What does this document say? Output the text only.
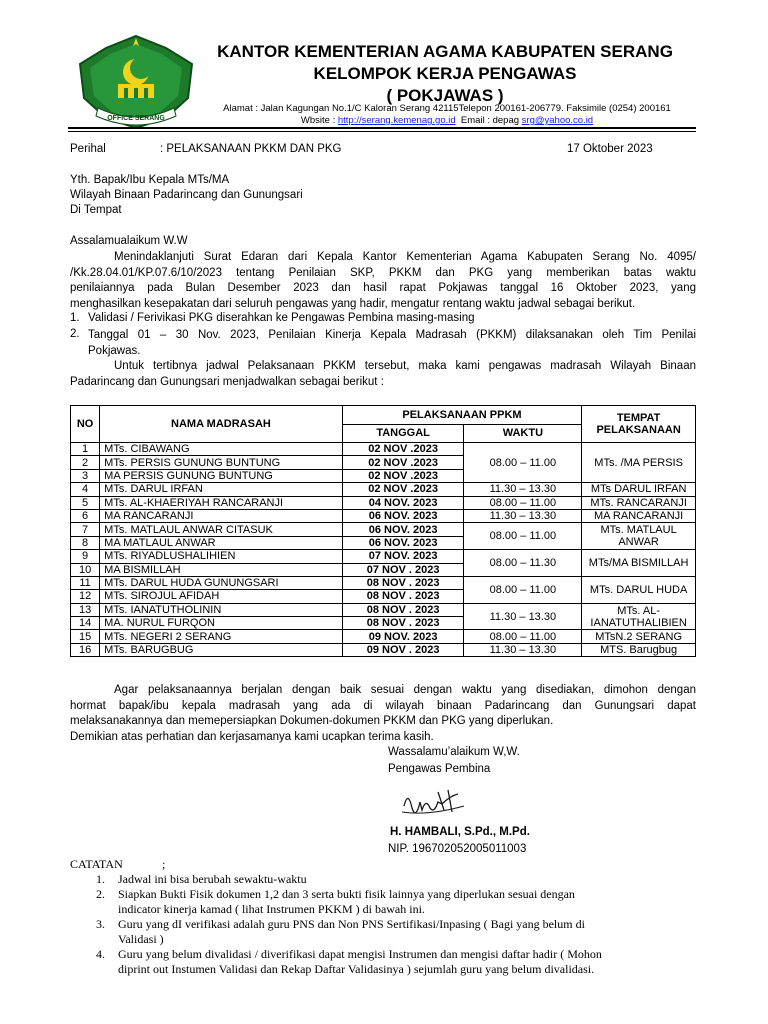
OFFICE SERANG
KANTOR KEMENTERIAN AGAMA KABUPATEN SERANG
KELOMPOK KERJA PENGAWAS
( POKJAWAS )
Alamat : Jalan Kagungan No.1/C Kaloran Serang 42115Telepon 200161-206779. Faksimile (0254) 200161
Wbsite : http://serang.kemenag.go.id Email : depag srg@yahoo.co.id
Perihal	: PELAKSANAAN PKKM DAN PKG	17 Oktober 2023
Yth. Bapak/Ibu Kepala MTs/MA
Wilayah Binaan Padarincang dan Gunungsari
Di Tempat
Assalamualaikum W.W
Menindaklanjuti Surat Edaran dari Kepala Kantor Kementerian Agama Kabupaten Serang No. 4095/
/Kk.28.04.01/KP.07.6/10/2023 tentang Penilaian SKP, PKKM dan PKG yang memberikan batas waktu
penilaiannya pada Bulan Desember 2023 dan hasil rapat Pokjawas tanggal 16 Oktober 2023, yang
menghasilkan kesepakatan dari seluruh pengawas yang hadir, mengatur rentang waktu jadwal sebagai berikut.
1. Validasi / Ferivikasi PKG diserahkan ke Pengawas Pembina masing-masing
2. Tanggal 01 – 30 Nov. 2023, Penilaian Kinerja Kepala Madrasah (PKKM) dilaksanakan oleh Tim Penilai
Pokjawas.
Untuk tertibnya jadwal Pelaksanaan PKKM tersebut, maka kami pengawas madrasah Wilayah Binaan
Padarincang dan Gunungsari menjadwalkan sebagai berikut :
NO	NAMA MADRASAH	PELAKSANAAN PPKM		TEMPAT PELAKSANAAN
		TANGGAL	WAKTU	
1	MTs. CIBAWANG	02 NOV .2023	08.00 – 11.00	MTs. /MA PERSIS
2	MTs. PERSIS GUNUNG BUNTUNG	02 NOV .2023		
3	MA PERSIS GUNUNG BUNTUNG	02 NOV .2023		
4	MTs. DARUL IRFAN	02 NOV .2023	11.30 – 13.30	MTs DARUL IRFAN
5	MTs. AL-KHAERIYAH RANCARANJI	04 NOV. 2023	08.00 – 11.00	MTs. RANCARANJI
6	MA RANCARANJI	06 NOV. 2023	11.30 – 13.30	MA RANCARANJI
7	MTs. MATLAUL ANWAR CITASUK	06 NOV. 2023	08.00 – 11.00	MTs. MATLAUL ANWAR
8	MA MATLAUL ANWAR	06 NOV. 2023		
9	MTs. RIYADLUSHALIHIEN	07 NOV. 2023	08.00 – 11.30	MTs/MA BISMILLAH
10	MA BISMILLAH	07 NOV . 2023		
11	MTs. DARUL HUDA GUNUNGSARI	08 NOV . 2023	08.00 – 11.00	MTs. DARUL HUDA
12	MTs. SIROJUL AFIDAH	08 NOV . 2023		
13	MTs. IANATUTHOLININ	08 NOV . 2023	11.30 – 13.30	MTs. AL-IANATUTHALIBIEN
14	MA. NURUL FURQON	08 NOV . 2023		
15	MTs. NEGERI 2 SERANG	09 NOV. 2023	08.00 – 11.00	MTsN.2 SERANG
16	MTs. BARUGBUG	09 NOV . 2023	11.30 – 13.30	MTS. Barugbug
Agar pelaksanaannya berjalan dengan baik sesuai dengan waktu yang disediakan, dimohon dengan
hormat bapak/ibu kepala madrasah yang ada di wilayah binaan Padarincang dan Gunungsari dapat
melaksanakannya dan memepersiapkan Dokumen-dokumen PKKM dan PKG yang diperlukan.
Demikian atas perhatian dan kerjasamanya kami ucapkan terima kasih.
Wassalamu’alaikum W,W.
Pengawas Pembina
H. HAMBALI, S.Pd., M.Pd.
NIP. 196702052005011003
CATATAN	;
1. Jadwal ini bisa berubah sewaktu-waktu
2. Siapkan Bukti Fisik dokumen 1,2 dan 3 serta bukti fisik lainnya yang diperlukan sesuai dengan
indicator kinerja kamad ( lihat Instrumen PKKM ) di bawah ini.
3. Guru yang dI verifikasi adalah guru PNS dan Non PNS Sertifikasi/Inpasing ( Bagi yang belum di
Validasi )
4. Guru yang belum divalidasi / diverifikasi dapat mengisi Instrumen dan mengisi daftar hadir ( Mohon
diprint out Instumen Validasi dan Rekap Daftar Validasinya ) sejumlah guru yang belum divalidasi.
